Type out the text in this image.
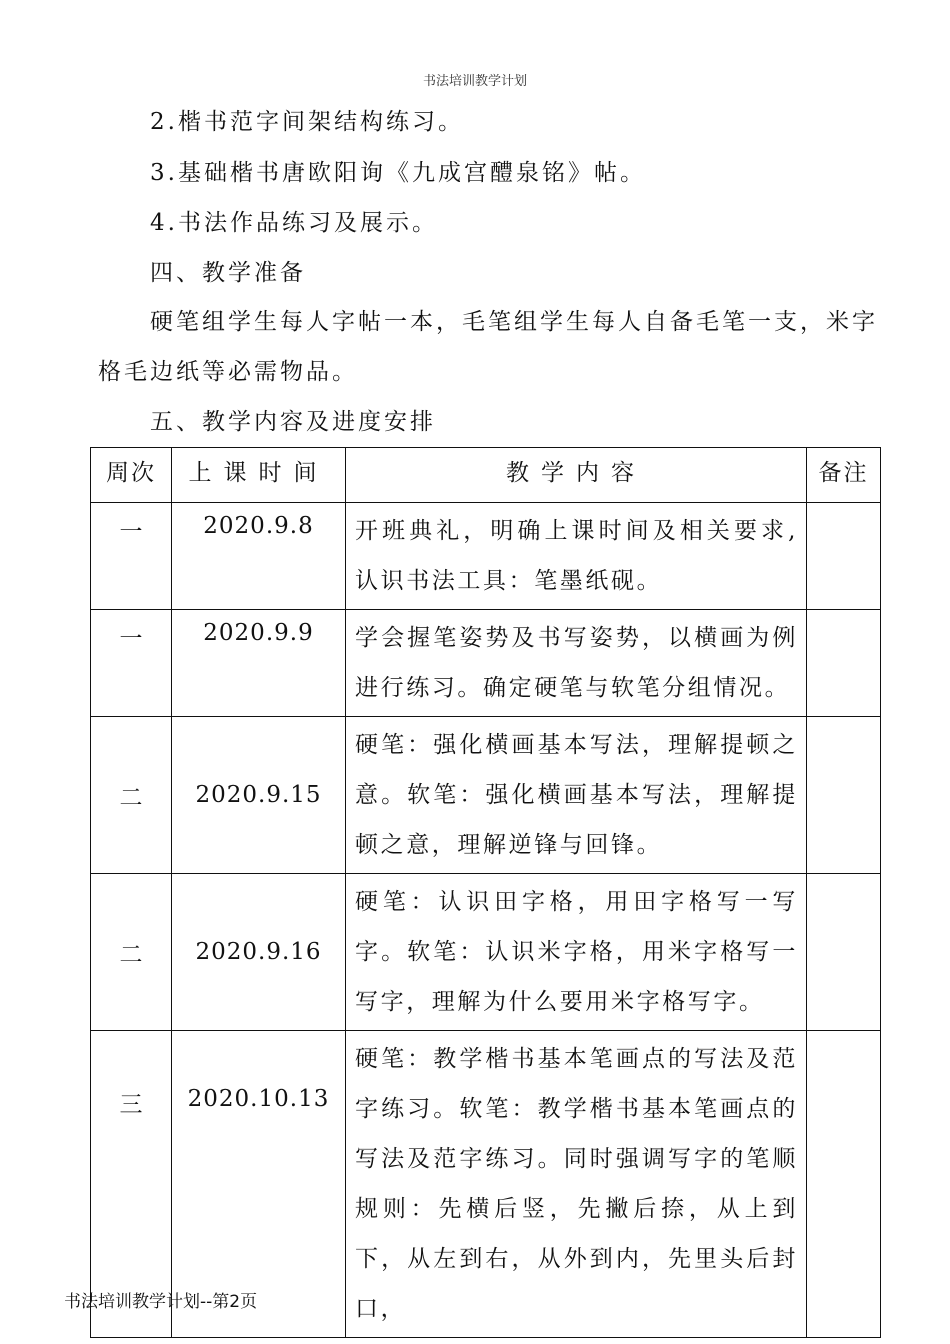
书法培训教学计划
2.楷书范字间架结构练习。
3.基础楷书唐欧阳询《九成宫醴泉铭》帖。
4.书法作品练习及展示。
四、教学准备
硬笔组学生每人字帖一本，毛笔组学生每人自备毛笔一支，米字
格毛边纸等必需物品。
五、教学内容及进度安排
周次	上课时间	教学内容	备注
一	2020.9.8	开班典礼，明确上课时间及相关要求,认识书法工具：笔墨纸砚。	
一	2020.9.9	学会握笔姿势及书写姿势，以横画为例进行练习。确定硬笔与软笔分组情况。	
二	2020.9.15	硬笔：强化横画基本写法，理解提顿之意。软笔：强化横画基本写法，理解提顿之意，理解逆锋与回锋。	
二	2020.9.16	硬笔：认识田字格，用田字格写一写字。软笔：认识米字格，用米字格写一写字，理解为什么要用米字格写字。	
三	2020.10.13	硬笔：教学楷书基本笔画点的写法及范字练习。软笔：教学楷书基本笔画点的写法及范字练习。同时强调写字的笔顺规则：先横后竖，先撇后捺，从上到下，从左到右，从外到内，先里头后封口，	
书法培训教学计划--第2页
